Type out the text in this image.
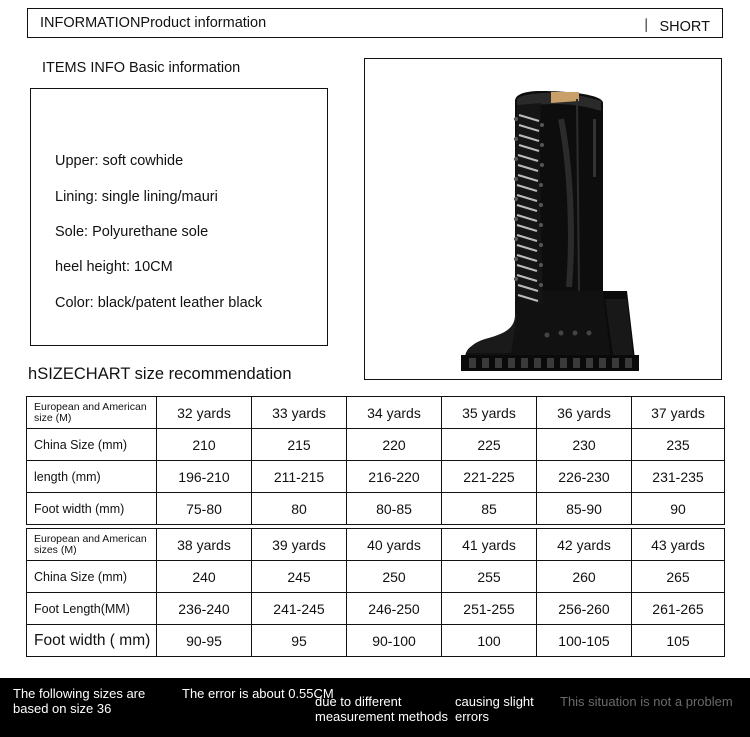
INFORMATIONProduct information	丨 SHORT
ITEMS INFO Basic information
Upper: soft cowhide
Lining: single lining/mauri
Sole: Polyurethane sole
heel height: 10CM
Color: black/patent leather black
hSIZECHART size recommendation
European and American size (M)	32 yards	33 yards	34 yards	35 yards	36 yards	37 yards
China Size (mm)	210	215	220	225	230	235
length (mm)	196-210	211-215	216-220	221-225	226-230	231-235
Foot width (mm)	75-80	80	80-85	85	85-90	90
European and American sizes (M)	38 yards	39 yards	40 yards	41 yards	42 yards	43 yards
China Size (mm)	240	245	250	255	260	265
Foot Length(MM)	236-240	241-245	246-250	251-255	256-260	261-265
Foot width ( mm)	90-95	95	90-100	100	100-105	105
The following sizes are based on size 36
The error is about 0.55CM
due to different measurement methods
causing slight errors
This situation is not a problem
